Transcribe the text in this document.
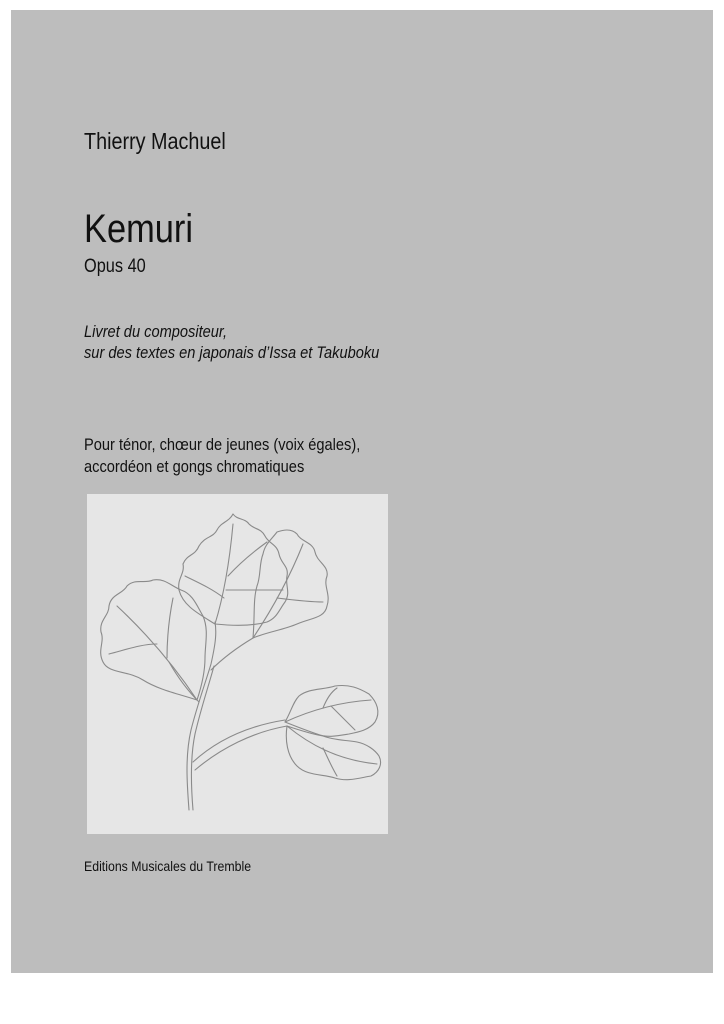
Thierry Machuel
Kemuri
Opus 40
Livret du compositeur,
sur des textes en japonais d’Issa et Takuboku
Pour ténor, chœur de jeunes (voix égales),
accordéon et gongs chromatiques
Editions Musicales du Tremble
